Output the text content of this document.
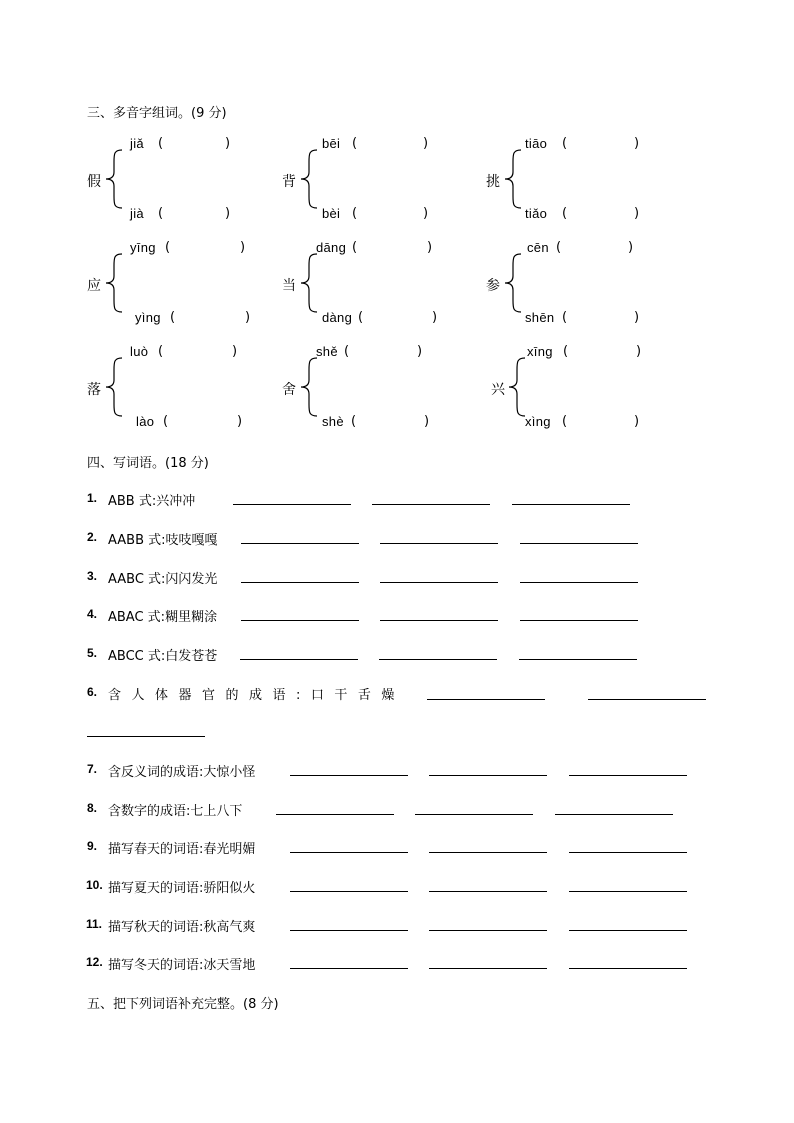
三、多音字组词。(9 分)
假
jiǎ (	)
jià (	)
背
bēi (	)
bèi (	)
挑
tiāo (	)
tiǎo (	)
应
yīng (	)
yìng (	)
当
dāng (	)
dàng (	)
参
cēn (	)
shēn (	)
落
luò (	)
lào (	)
舍
shě (	)
shè (	)
兴
xīng (	)
xìng (	)
四、写词语。(18 分)
1. ABB 式:兴冲冲
2. AABB 式:吱吱嘎嘎
3. AABC 式:闪闪发光
4. ABAC 式:糊里糊涂
5. ABCC 式:白发苍苍
6. 含人体器官的成语:口干舌燥
7. 含反义词的成语:大惊小怪
8. 含数字的成语:七上八下
9. 描写春天的词语:春光明媚
10. 描写夏天的词语:骄阳似火
11. 描写秋天的词语:秋高气爽
12. 描写冬天的词语:冰天雪地
五、把下列词语补充完整。(8 分)
